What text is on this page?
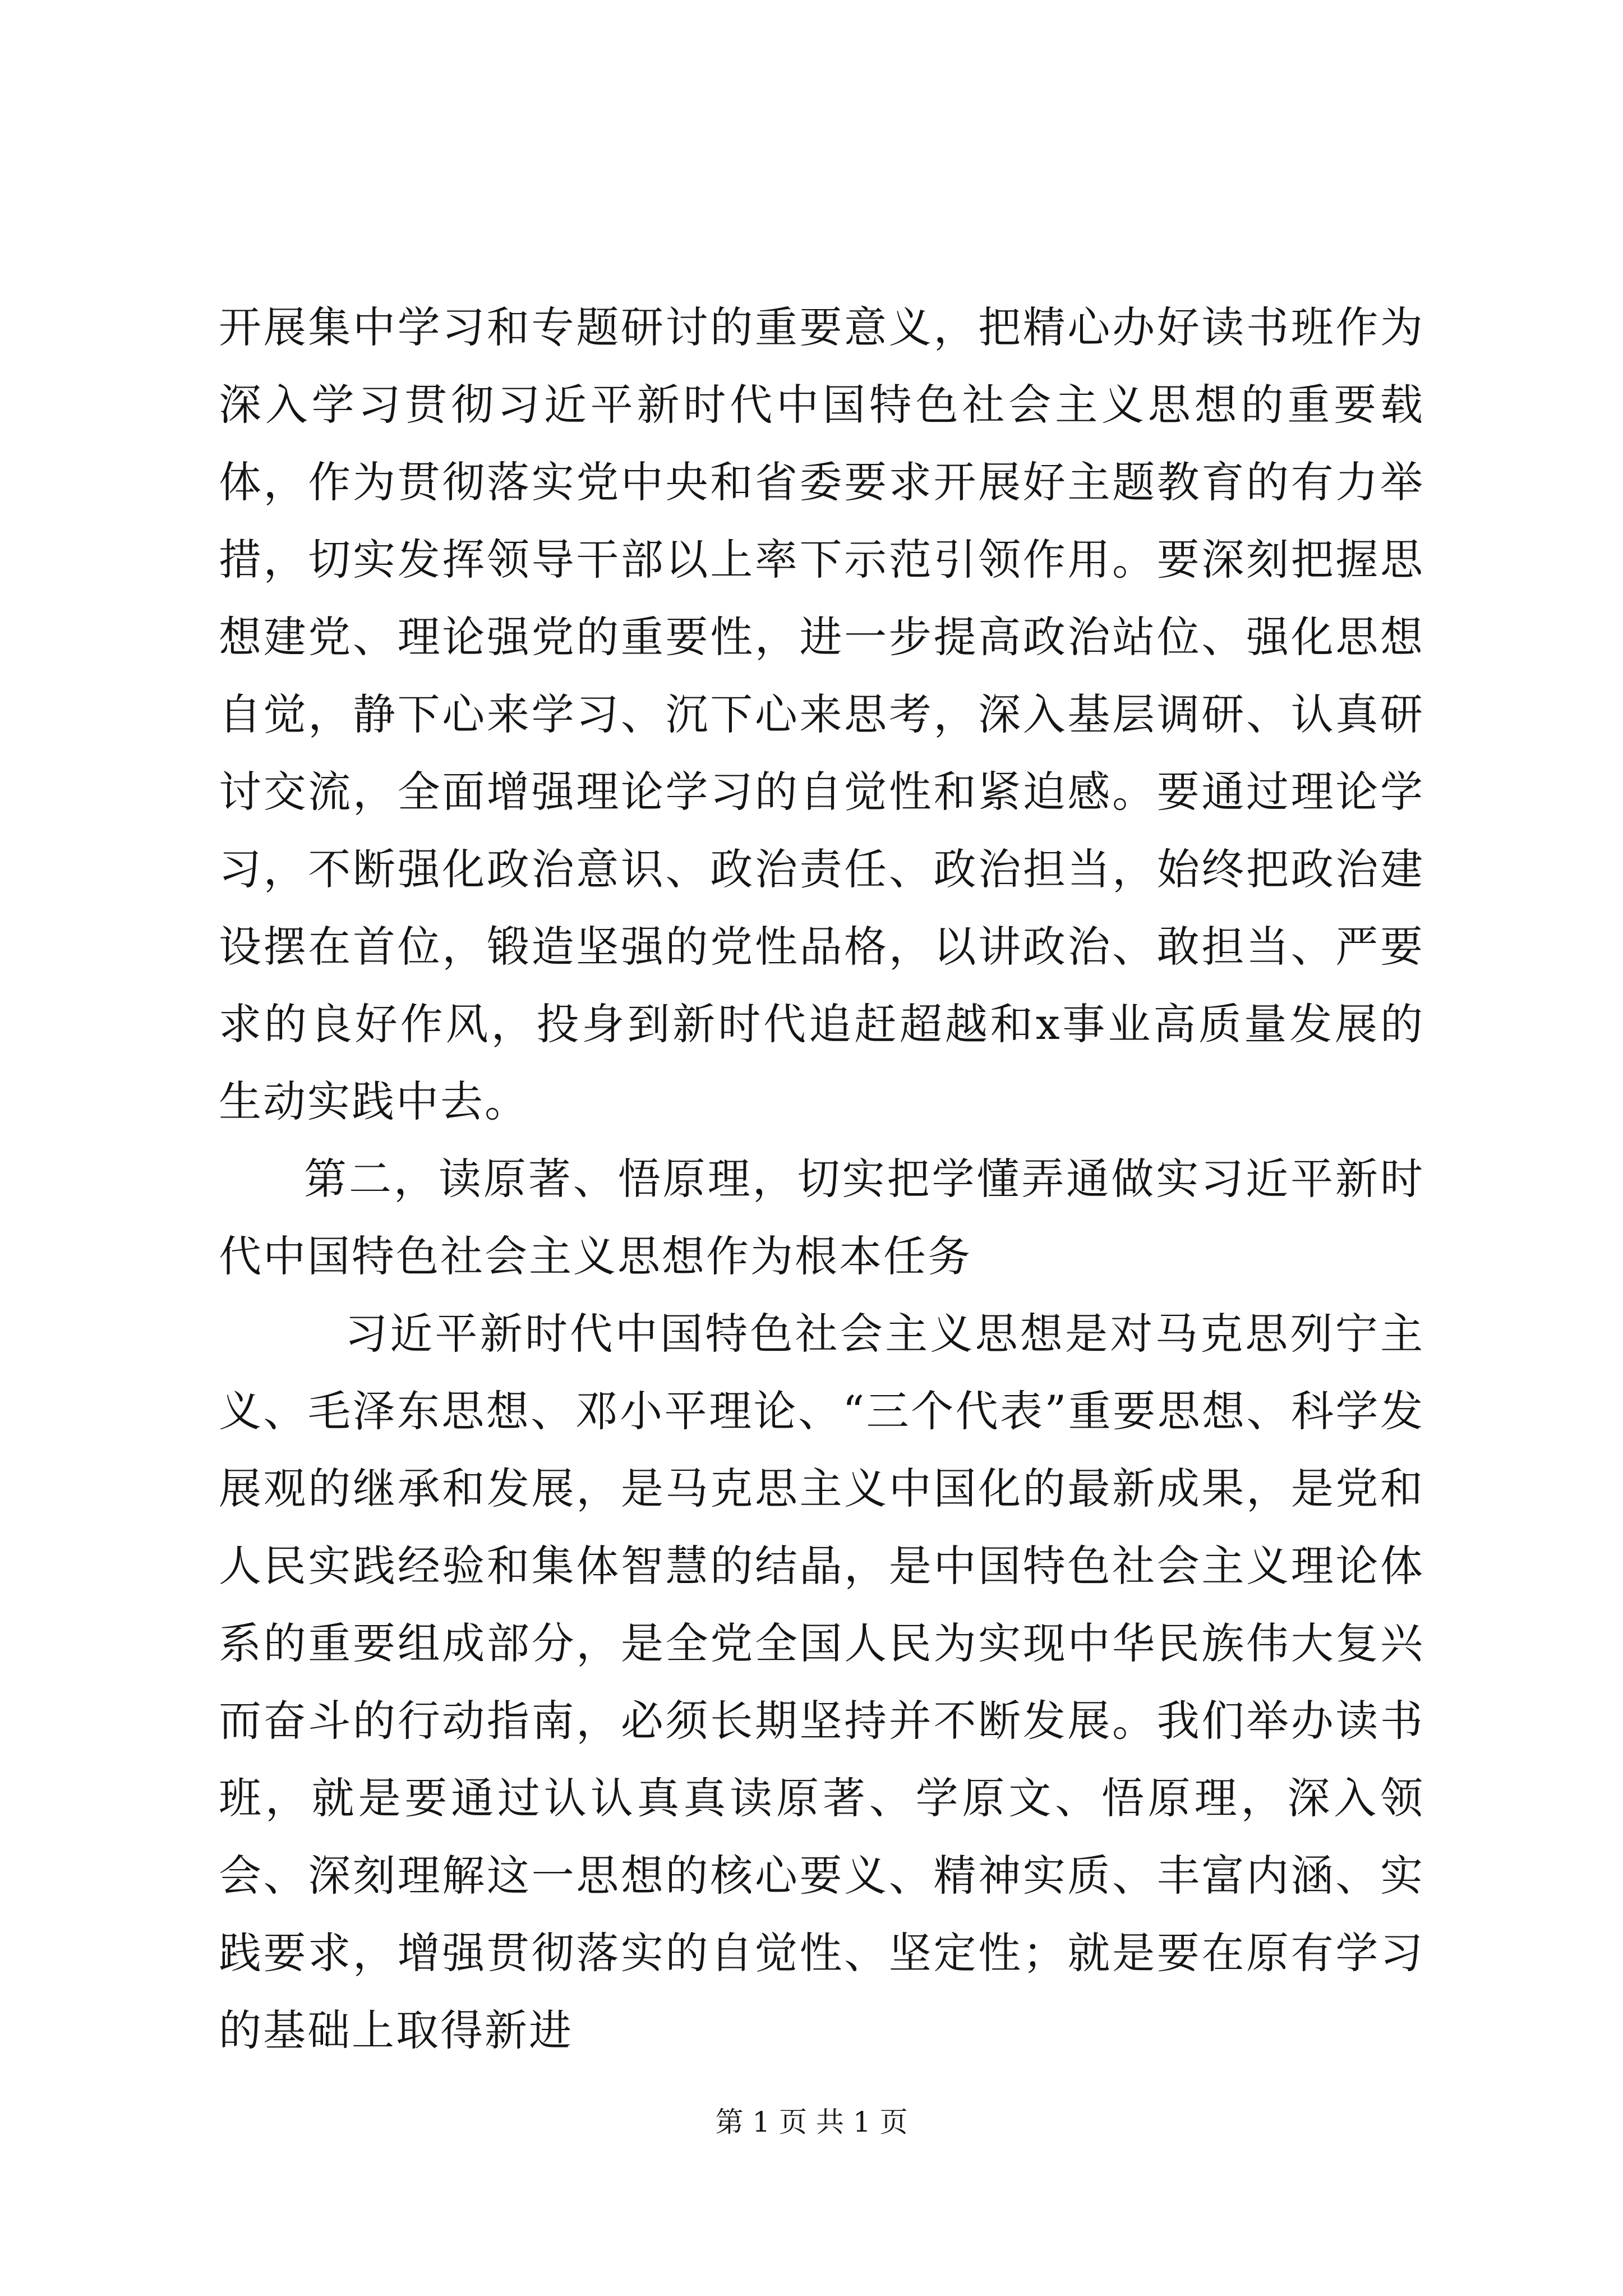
开展集中学习和专题研讨的重要意义，把精心办好读书班作为深入学习贯彻习近平新时代中国特色社会主义思想的重要载体，作为贯彻落实党中央和省委要求开展好主题教育的有力举措，切实发挥领导干部以上率下示范引领作用。要深刻把握思想建党、理论强党的重要性，进一步提高政治站位、强化思想自觉，静下心来学习、沉下心来思考，深入基层调研、认真研讨交流，全面增强理论学习的自觉性和紧迫感。要通过理论学习，不断强化政治意识、政治责任、政治担当，始终把政治建设摆在首位，锻造坚强的党性品格，以讲政治、敢担当、严要求的良好作风，投身到新时代追赶超越和x事业高质量发展的生动实践中去。

第二，读原著、悟原理，切实把学懂弄通做实习近平新时代中国特色社会主义思想作为根本任务

习近平新时代中国特色社会主义思想是对马克思列宁主义、毛泽东思想、邓小平理论、“三个代表”重要思想、科学发展观的继承和发展，是马克思主义中国化的最新成果，是党和人民实践经验和集体智慧的结晶，是中国特色社会主义理论体系的重要组成部分，是全党全国人民为实现中华民族伟大复兴而奋斗的行动指南，必须长期坚持并不断发展。我们举办读书班，就是要通过认认真真读原著、学原文、悟原理，深入领会、深刻理解这一思想的核心要义、精神实质、丰富内涵、实践要求，增强贯彻落实的自觉性、坚定性；就是要在原有学习的基础上取得新进

第 1 页 共 1 页
